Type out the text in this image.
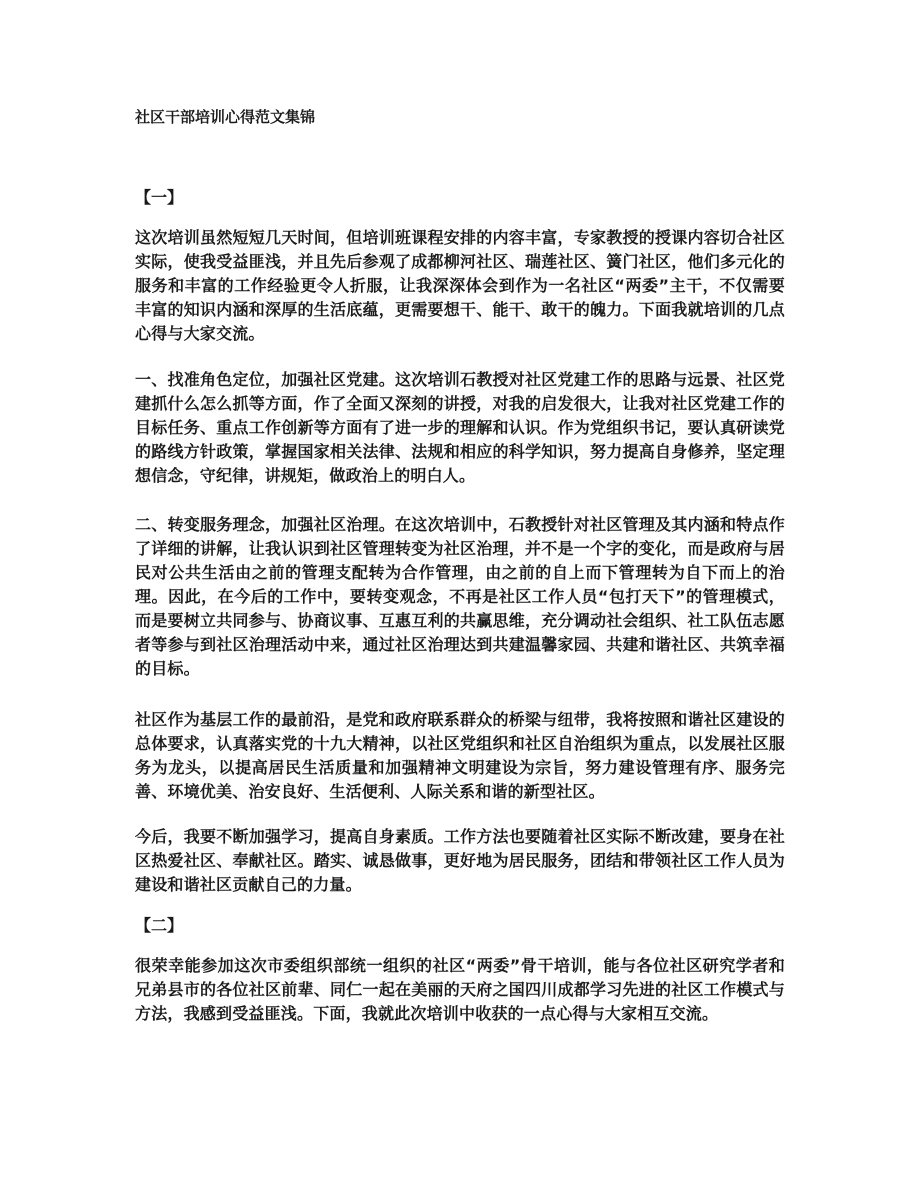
社区干部培训心得范文集锦
【一】

这次培训虽然短短几天时间，但培训班课程安排的内容丰富，专家教授的授课内容切合社区实际，使我受益匪浅，并且先后参观了成都柳河社区、瑞莲社区、簧门社区，他们多元化的服务和丰富的工作经验更令人折服，让我深深体会到作为一名社区“两委”主干，不仅需要丰富的知识内涵和深厚的生活底蕴，更需要想干、能干、敢干的魄力。下面我就培训的几点心得与大家交流。

一、找准角色定位，加强社区党建。这次培训石教授对社区党建工作的思路与远景、社区党建抓什么怎么抓等方面，作了全面又深刻的讲授，对我的启发很大，让我对社区党建工作的目标任务、重点工作创新等方面有了进一步的理解和认识。作为党组织书记，要认真研读党的路线方针政策，掌握国家相关法律、法规和相应的科学知识，努力提高自身修养，坚定理想信念，守纪律，讲规矩，做政治上的明白人。

二、转变服务理念，加强社区治理。在这次培训中，石教授针对社区管理及其内涵和特点作了详细的讲解，让我认识到社区管理转变为社区治理，并不是一个字的变化，而是政府与居民对公共生活由之前的管理支配转为合作管理，由之前的自上而下管理转为自下而上的治理。因此，在今后的工作中，要转变观念，不再是社区工作人员“包打天下”的管理模式，而是要树立共同参与、协商议事、互惠互利的共赢思维，充分调动社会组织、社工队伍志愿者等参与到社区治理活动中来，通过社区治理达到共建温馨家园、共建和谐社区、共筑幸福的目标。

社区作为基层工作的最前沿，是党和政府联系群众的桥梁与纽带，我将按照和谐社区建设的总体要求，认真落实党的十九大精神，以社区党组织和社区自治组织为重点，以发展社区服务为龙头，以提高居民生活质量和加强精神文明建设为宗旨，努力建设管理有序、服务完善、环境优美、治安良好、生活便利、人际关系和谐的新型社区。

今后，我要不断加强学习，提高自身素质。工作方法也要随着社区实际不断改建，要身在社区热爱社区、奉献社区。踏实、诚恳做事，更好地为居民服务，团结和带领社区工作人员为建设和谐社区贡献自己的力量。

【二】

很荣幸能参加这次市委组织部统一组织的社区“两委”骨干培训，能与各位社区研究学者和兄弟县市的各位社区前辈、同仁一起在美丽的天府之国四川成都学习先进的社区工作模式与方法，我感到受益匪浅。下面，我就此次培训中收获的一点心得与大家相互交流。
